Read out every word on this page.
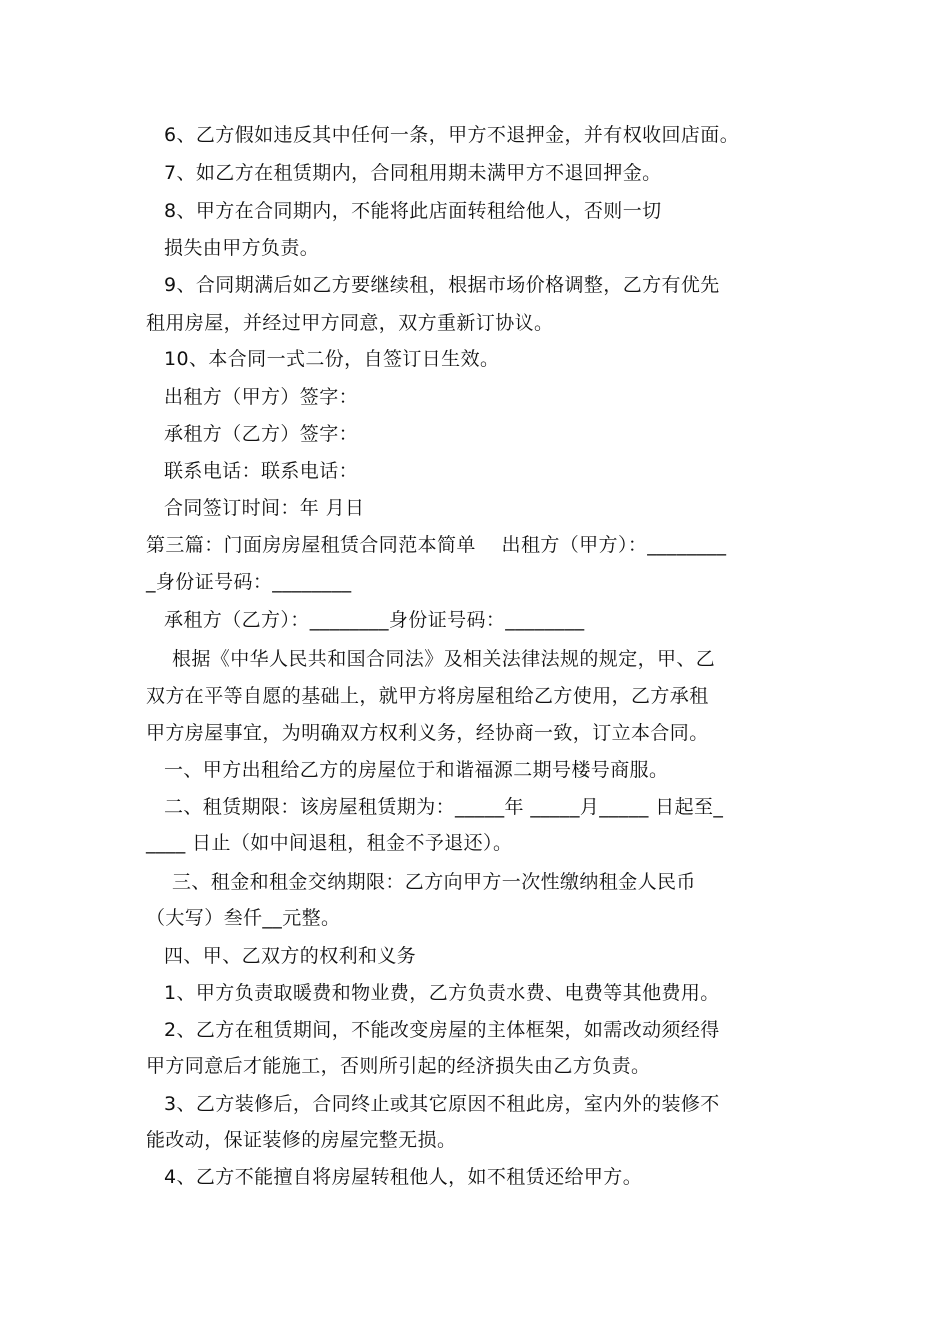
6、乙方假如违反其中任何一条，甲方不退押金，并有权收回店面。
7、如乙方在租赁期内，合同租用期未满甲方不退回押金。
8、甲方在合同期内，不能将此店面转租给他人，否则一切
损失由甲方负责。
9、合同期满后如乙方要继续租，根据市场价格调整，乙方有优先
租用房屋，并经过甲方同意，双方重新订协议。
10、本合同一式二份，自签订日生效。
出租方（甲方）签字：
承租方（乙方）签字：
联系电话：联系电话：
合同签订时间：年 月日
第三篇：门面房房屋租赁合同范本简单    出租方（甲方）：________
_身份证号码：________
承租方（乙方）：________身份证号码：________
根据《中华人民共和国合同法》及相关法律法规的规定，甲、乙
双方在平等自愿的基础上，就甲方将房屋租给乙方使用，乙方承租
甲方房屋事宜，为明确双方权利义务，经协商一致，订立本合同。
一、甲方出租给乙方的房屋位于和谐福源二期号楼号商服。
二、租赁期限：该房屋租赁期为：_____年 _____月_____ 日起至_
____ 日止（如中间退租，租金不予退还）。
三、租金和租金交纳期限：乙方向甲方一次性缴纳租金人民币
（大写）叁仟__元整。
四、甲、乙双方的权利和义务
1、甲方负责取暖费和物业费，乙方负责水费、电费等其他费用。
2、乙方在租赁期间，不能改变房屋的主体框架，如需改动须经得
甲方同意后才能施工，否则所引起的经济损失由乙方负责。
3、乙方装修后，合同终止或其它原因不租此房，室内外的装修不
能改动，保证装修的房屋完整无损。
4、乙方不能擅自将房屋转租他人，如不租赁还给甲方。
